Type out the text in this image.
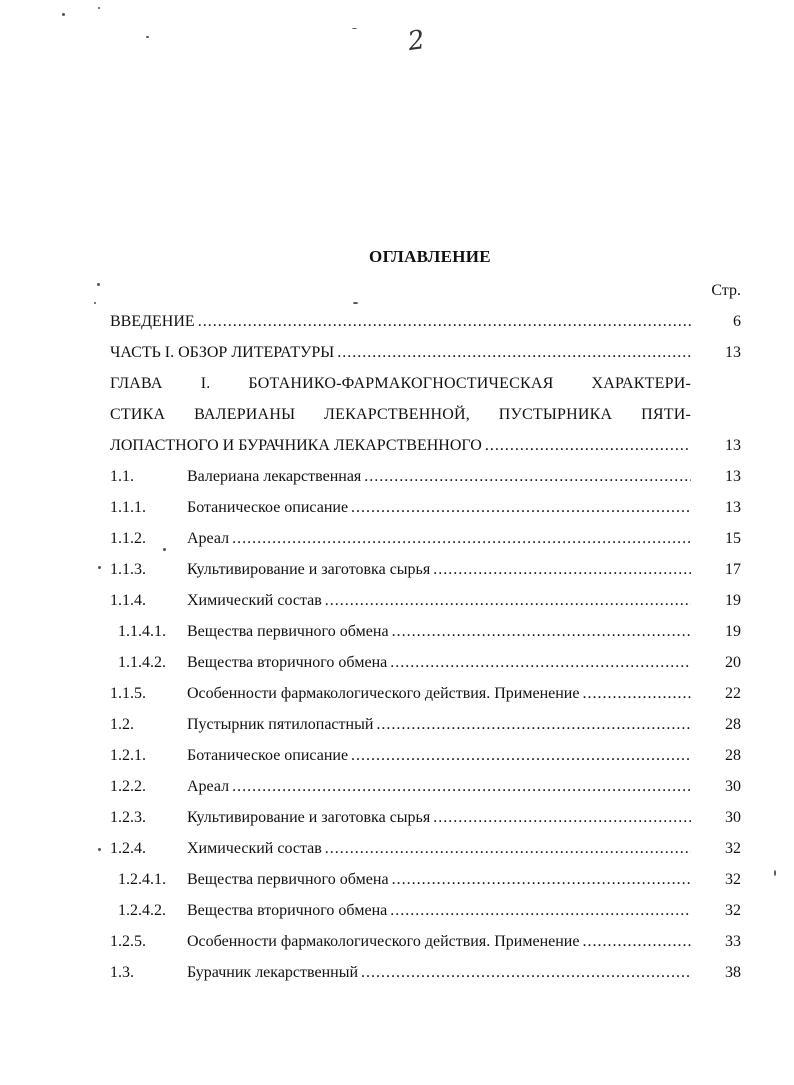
2
ОГЛАВЛЕНИЕ
Стр.
ВВЕДЕНИЕ .....	6
ЧАСТЬ I. ОБЗОР ЛИТЕРАТУРЫ .....	13
ГЛАВА I. БОТАНИКО-ФАРМАКОГНОСТИЧЕСКАЯ ХАРАКТЕРИ-
СТИКА ВАЛЕРИАНЫ ЛЕКАРСТВЕННОЙ, ПУСТЫРНИКА ПЯТИ-
ЛОПАСТНОГО И БУРАЧНИКА ЛЕКАРСТВЕННОГО .....	13
1.1.	Валериана лекарственная .....	13
1.1.1.	Ботаническое описание .....	13
1.1.2.	Ареал .....	15
1.1.3.	Культивирование и заготовка сырья .....	17
1.1.4.	Химический состав .....	19
1.1.4.1.	Вещества первичного обмена .....	19
1.1.4.2.	Вещества вторичного обмена .....	20
1.1.5.	Особенности фармакологического действия. Применение .....	22
1.2.	Пустырник пятилопастный .....	28
1.2.1.	Ботаническое описание .....	28
1.2.2.	Ареал .....	30
1.2.3.	Культивирование и заготовка сырья .....	30
1.2.4.	Химический состав .....	32
1.2.4.1.	Вещества первичного обмена .....	32
1.2.4.2.	Вещества вторичного обмена .....	32
1.2.5.	Особенности фармакологического действия. Применение .....	33
1.3.	Бурачник лекарственный .....	38
